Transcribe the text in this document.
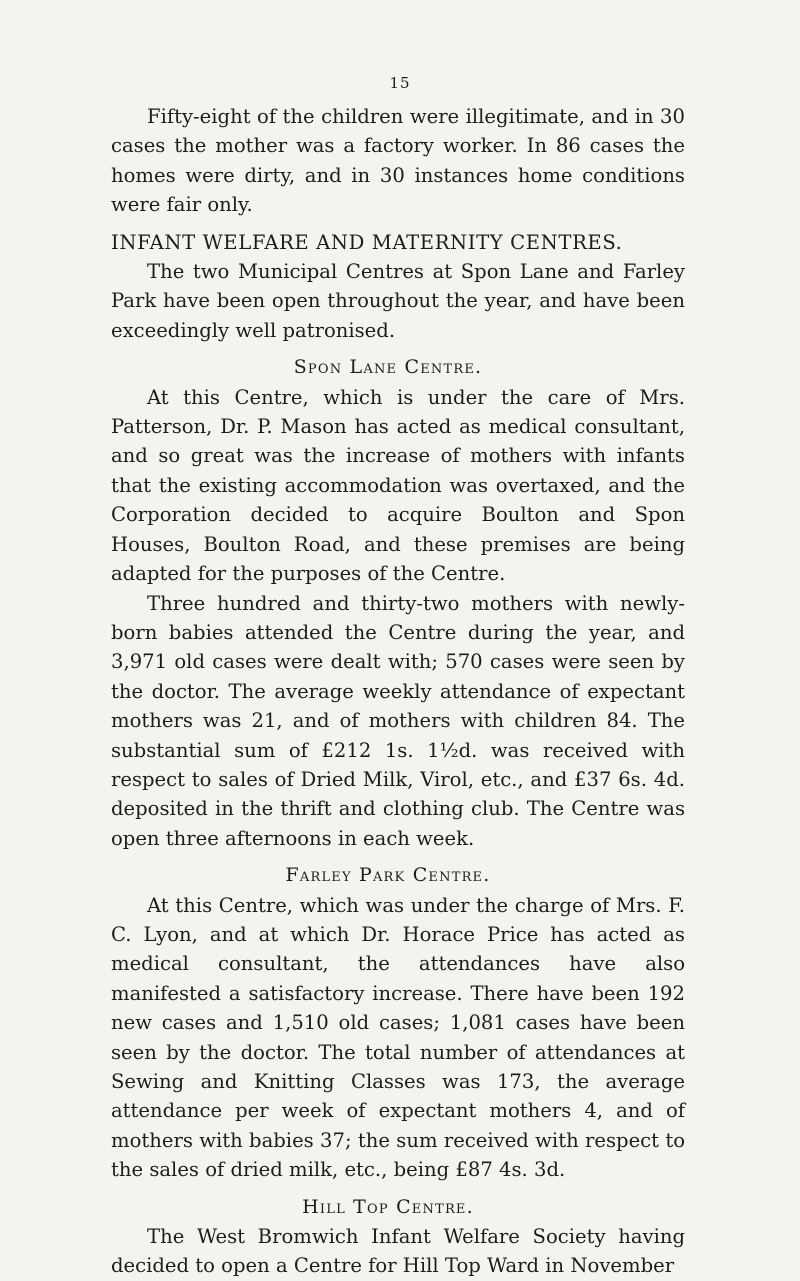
15

Fifty-eight of the children were illegitimate, and in 30 cases the mother was a factory worker. In 86 cases the homes were dirty, and in 30 instances home conditions were fair only.

INFANT WELFARE AND MATERNITY CENTRES.

The two Municipal Centres at Spon Lane and Farley Park have been open throughout the year, and have been exceedingly well patronised.

Spon Lane Centre.

At this Centre, which is under the care of Mrs. Patterson, Dr. P. Mason has acted as medical consultant, and so great was the increase of mothers with infants that the existing accommodation was overtaxed, and the Corporation decided to acquire Boulton and Spon Houses, Boulton Road, and these premises are being adapted for the purposes of the Centre.

Three hundred and thirty-two mothers with newly-born babies attended the Centre during the year, and 3,971 old cases were dealt with; 570 cases were seen by the doctor. The average weekly attendance of expectant mothers was 21, and of mothers with children 84. The substantial sum of £212 1s. 1½d. was received with respect to sales of Dried Milk, Virol, etc., and £37 6s. 4d. deposited in the thrift and clothing club. The Centre was open three afternoons in each week.

Farley Park Centre.

At this Centre, which was under the charge of Mrs. F. C. Lyon, and at which Dr. Horace Price has acted as medical consultant, the attendances have also manifested a satisfactory increase. There have been 192 new cases and 1,510 old cases; 1,081 cases have been seen by the doctor. The total number of attendances at Sewing and Knitting Classes was 173, the average attendance per week of expectant mothers 4, and of mothers with babies 37; the sum received with respect to the sales of dried milk, etc., being £87 4s. 3d.

Hill Top Centre.

The West Bromwich Infant Welfare Society having decided to open a Centre for Hill Top Ward in November
